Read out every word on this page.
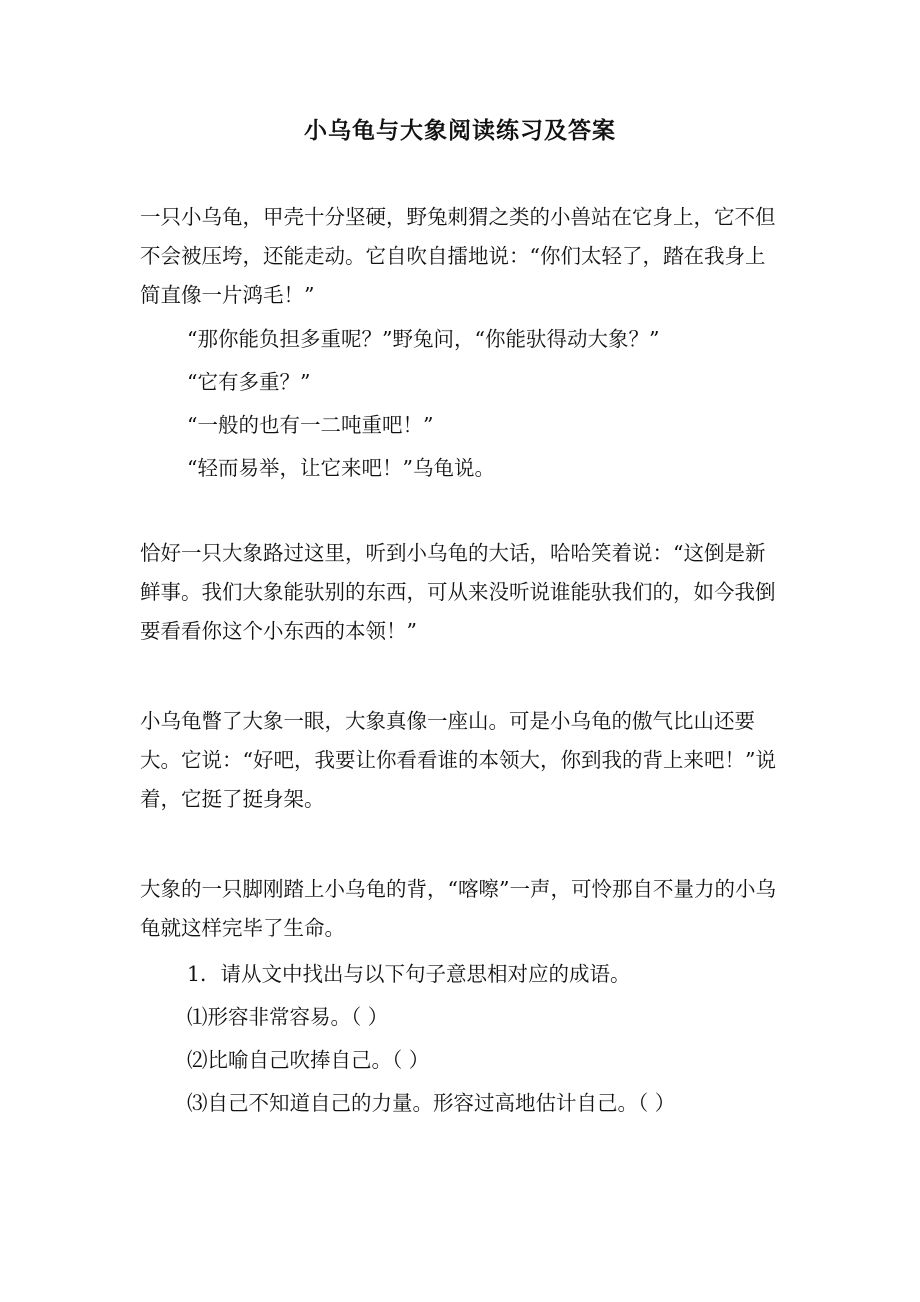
小乌龟与大象阅读练习及答案

一只小乌龟，甲壳十分坚硬，野兔刺猬之类的小兽站在它身上，它不但不会被压垮，还能走动。它自吹自擂地说：“你们太轻了，踏在我身上简直像一片鸿毛！”

“那你能负担多重呢？”野兔问，“你能驮得动大象？”

“它有多重？”

“一般的也有一二吨重吧！”

“轻而易举，让它来吧！”乌龟说。

恰好一只大象路过这里，听到小乌龟的大话，哈哈笑着说：“这倒是新鲜事。我们大象能驮别的东西，可从来没听说谁能驮我们的，如今我倒要看看你这个小东西的本领！”

小乌龟瞥了大象一眼，大象真像一座山。可是小乌龟的傲气比山还要大。它说：“好吧，我要让你看看谁的本领大，你到我的背上来吧！”说着，它挺了挺身架。

大象的一只脚刚踏上小乌龟的背，“喀嚓”一声，可怜那自不量力的小乌龟就这样完毕了生命。

1．请从文中找出与以下句子意思相对应的成语。

⑴形容非常容易。（ ）

⑵比喻自己吹捧自己。（ ）

⑶自己不知道自己的力量。形容过高地估计自己。（ ）
